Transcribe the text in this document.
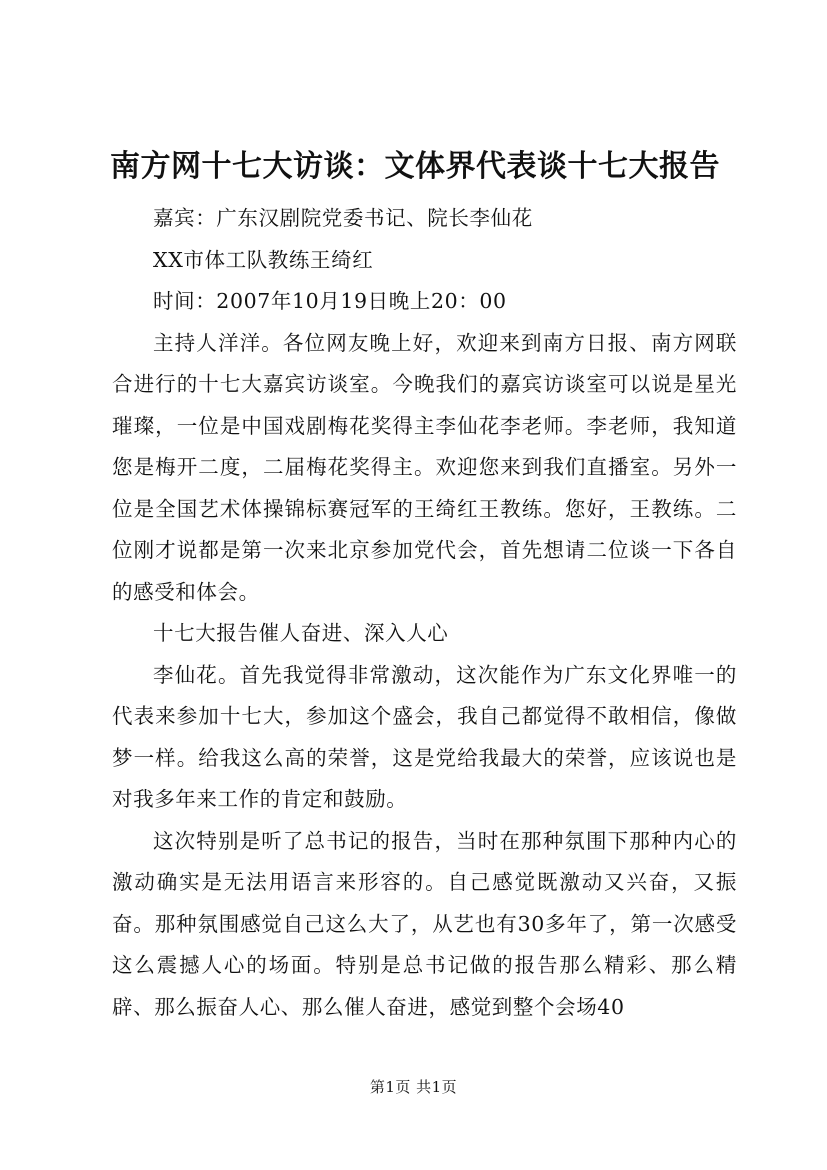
南方网十七大访谈：文体界代表谈十七大报告

嘉宾：广东汉剧院党委书记、院长李仙花

XX市体工队教练王绮红

时间：2007年10月19日晚上20：00

主持人洋洋。各位网友晚上好，欢迎来到南方日报、南方网联合进行的十七大嘉宾访谈室。今晚我们的嘉宾访谈室可以说是星光璀璨，一位是中国戏剧梅花奖得主李仙花李老师。李老师，我知道您是梅开二度，二届梅花奖得主。欢迎您来到我们直播室。另外一位是全国艺术体操锦标赛冠军的王绮红王教练。您好，王教练。二位刚才说都是第一次来北京参加党代会，首先想请二位谈一下各自的感受和体会。

十七大报告催人奋进、深入人心

李仙花。首先我觉得非常激动，这次能作为广东文化界唯一的代表来参加十七大，参加这个盛会，我自己都觉得不敢相信，像做梦一样。给我这么高的荣誉，这是党给我最大的荣誉，应该说也是对我多年来工作的肯定和鼓励。

这次特别是听了总书记的报告，当时在那种氛围下那种内心的激动确实是无法用语言来形容的。自己感觉既激动又兴奋，又振奋。那种氛围感觉自己这么大了，从艺也有30多年了，第一次感受这么震撼人心的场面。特别是总书记做的报告那么精彩、那么精辟、那么振奋人心、那么催人奋进，感觉到整个会场40

第1页 共1页
